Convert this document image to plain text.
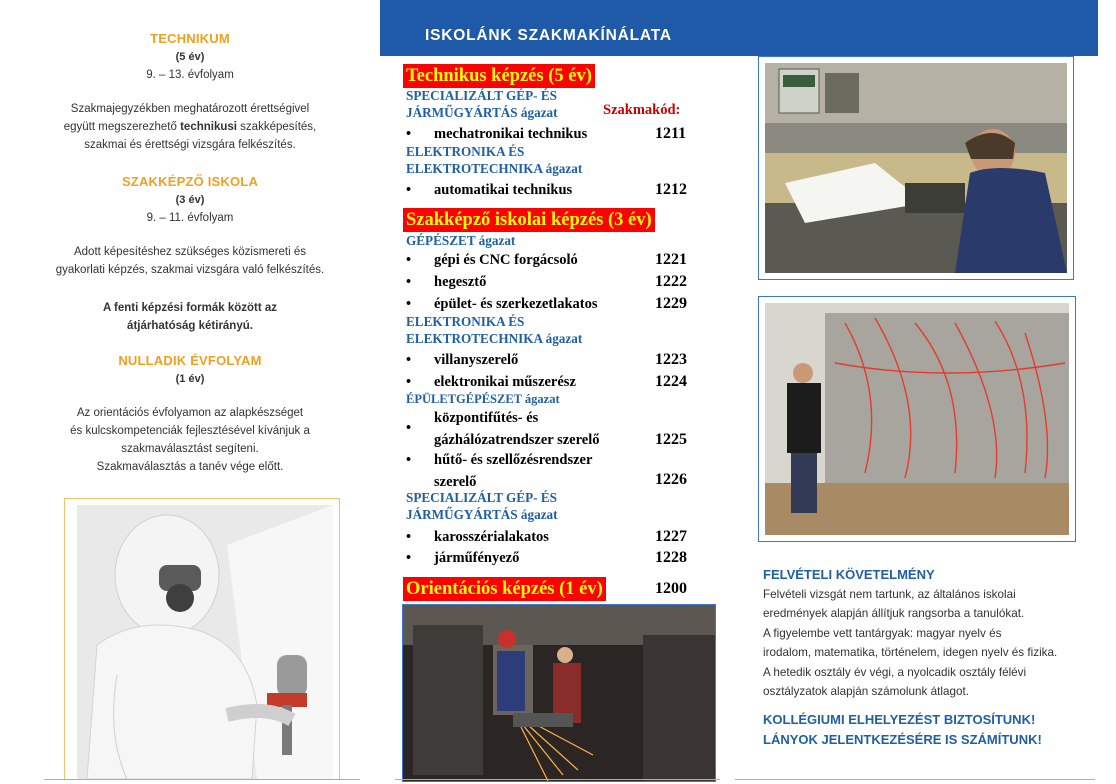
TECHNIKUM
(5 év)
9. – 13. évfolyam
Szakmajegyzékben meghatározott érettségivel
együtt megszerezhető technikusi szakképesítés,
szakmai és érettségi vizsgára felkészítés.
SZAKKÉPZŐ ISKOLA
(3 év)
9. – 11. évfolyam
Adott képesítéshez szükséges közismereti és
gyakorlati képzés, szakmai vizsgára való felkészítés.
A fenti képzési formák között az
átjárhatóság kétirányú.
NULLADIK ÉVFOLYAM
(1 év)
Az orientációs évfolyamon az alapkészséget
és kulcskompetenciák fejlesztésével kívánjuk a
szakmaválasztást segíteni.
Szakmaválasztás a tanév vége előtt.
ISKOLÁNK SZAKMAKÍNÁLATA
Technikus képzés (5 év)
SPECIALIZÁLT GÉP- ÉS
JÁRMŰGYÁRTÁS ágazat	Szakmakód:
• mechatronikai technikus	1211
ELEKTRONIKA ÉS
ELEKTROTECHNIKA ágazat
• automatikai technikus	1212
Szakképző iskolai képzés (3 év)
GÉPÉSZET ágazat
• gépi és CNC forgácsoló	1221
• hegesztő	1222
• épület- és szerkezetlakatos	1229
ELEKTRONIKA ÉS
ELEKTROTECHNIKA ágazat
• villanyszerelő	1223
• elektronikai műszerész	1224
ÉPÜLETGÉPÉSZET ágazat
•
központifűtés- és
gázhálózatrendszer szerelő	1225
• hűtő- és szellőzésrendszer
szerelő	1226
SPECIALIZÁLT GÉP- ÉS
JÁRMŰGYÁRTÁS ágazat
• karosszérialakatos	1227
• járműfényező	1228
Orientációs képzés (1 év)	1200
FELVÉTELI KÖVETELMÉNY
Felvételi vizsgát nem tartunk, az általános iskolai
eredmények alapján állítjuk rangsorba a tanulókat.
A figyelembe vett tantárgyak: magyar nyelv és
irodalom, matematika, történelem, idegen nyelv és fizika.
A hetedik osztály év végi, a nyolcadik osztály félévi
osztályzatok alapján számolunk átlagot.
KOLLÉGIUMI ELHELYEZÉST BIZTOSÍTUNK!
LÁNYOK JELENTKEZÉSÉRE IS SZÁMÍTUNK!
